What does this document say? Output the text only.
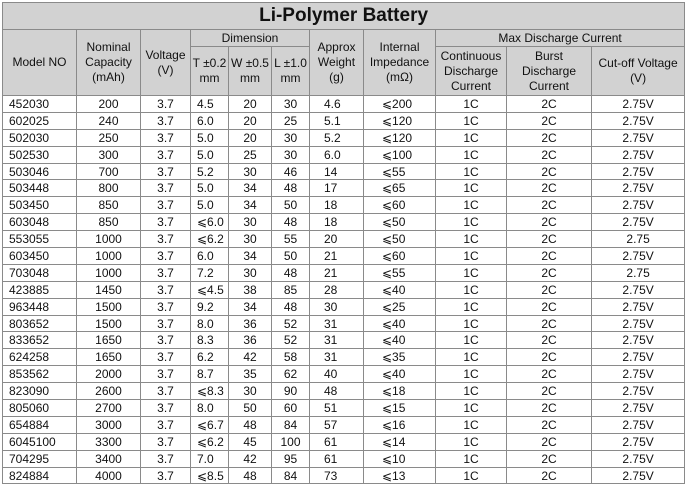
Li-Polymer Battery										
Model NO	Nominal Capacity (mAh)	Voltage (V)	Dimension			Approx Weight (g)	Internal Impedance (mΩ)	Max Discharge Current		
			T ±0.2 mm	W ±0.5 mm	L ±1.0 mm			Continuous Discharge Current	Burst Discharge Current	Cut-off Voltage (V)
452030	200	3.7	4.5	20	30	4.6	⩽200	1C	2C	2.75V
602025	240	3.7	6.0	20	25	5.1	⩽120	1C	2C	2.75V
502030	250	3.7	5.0	20	30	5.2	⩽120	1C	2C	2.75V
502530	300	3.7	5.0	25	30	6.0	⩽100	1C	2C	2.75V
503046	700	3.7	5.2	30	46	14	⩽55	1C	2C	2.75V
503448	800	3.7	5.0	34	48	17	⩽65	1C	2C	2.75V
503450	850	3.7	5.0	34	50	18	⩽60	1C	2C	2.75V
603048	850	3.7	⩽6.0	30	48	18	⩽50	1C	2C	2.75V
553055	1000	3.7	⩽6.2	30	55	20	⩽50	1C	2C	2.75
603450	1000	3.7	6.0	34	50	21	⩽60	1C	2C	2.75V
703048	1000	3.7	7.2	30	48	21	⩽55	1C	2C	2.75
423885	1450	3.7	⩽4.5	38	85	28	⩽40	1C	2C	2.75V
963448	1500	3.7	9.2	34	48	30	⩽25	1C	2C	2.75V
803652	1500	3.7	8.0	36	52	31	⩽40	1C	2C	2.75V
833652	1650	3.7	8.3	36	52	31	⩽40	1C	2C	2.75V
624258	1650	3.7	6.2	42	58	31	⩽35	1C	2C	2.75V
853562	2000	3.7	8.7	35	62	40	⩽40	1C	2C	2.75V
823090	2600	3.7	⩽8.3	30	90	48	⩽18	1C	2C	2.75V
805060	2700	3.7	8.0	50	60	51	⩽15	1C	2C	2.75V
654884	3000	3.7	⩽6.7	48	84	57	⩽16	1C	2C	2.75V
6045100	3300	3.7	⩽6.2	45	100	61	⩽14	1C	2C	2.75V
704295	3400	3.7	7.0	42	95	61	⩽10	1C	2C	2.75V
824884	4000	3.7	⩽8.5	48	84	73	⩽13	1C	2C	2.75V
